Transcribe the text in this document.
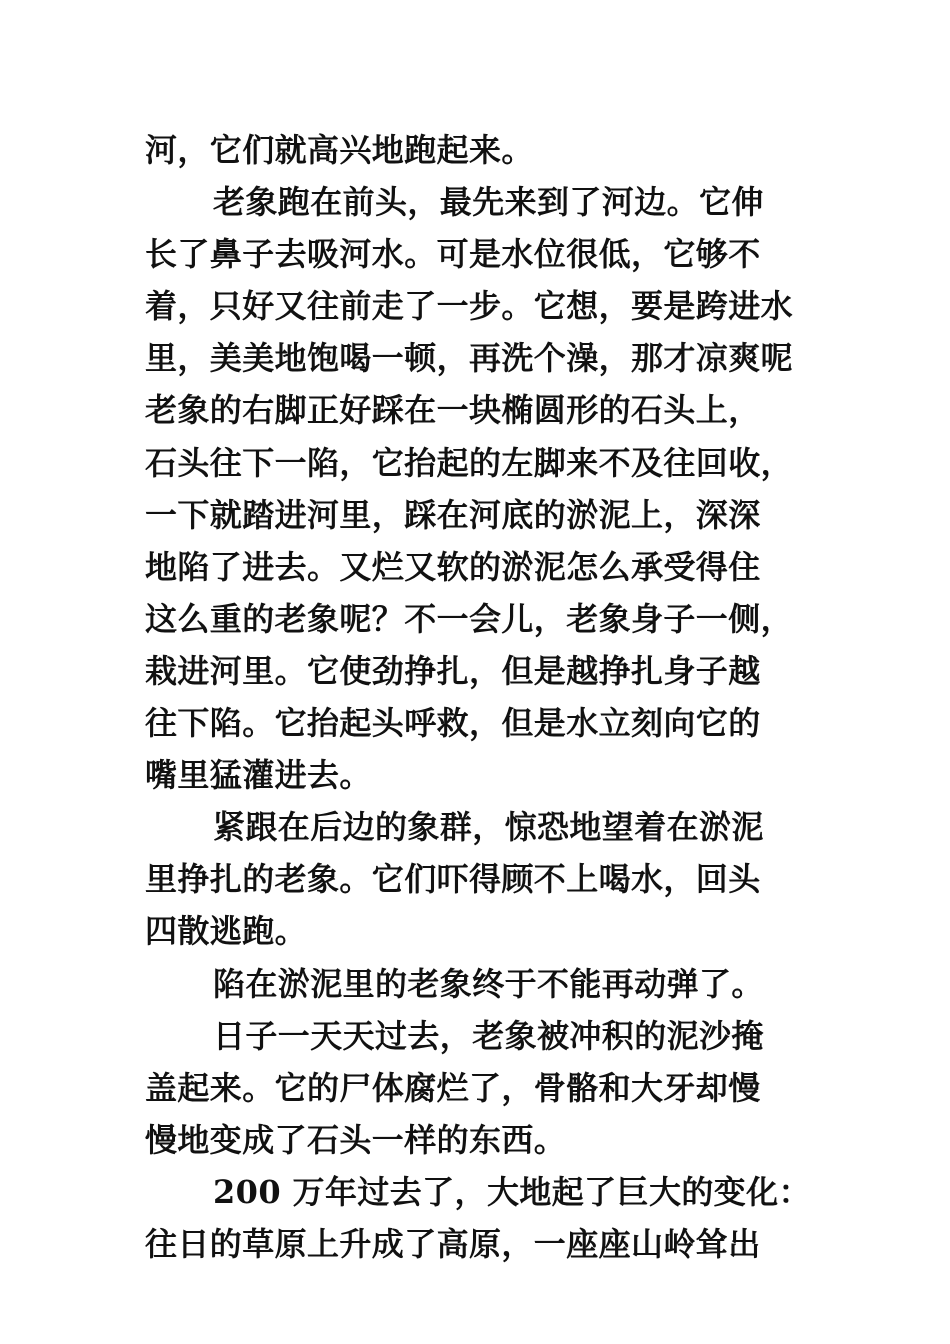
河，它们就高兴地跑起来。
老象跑在前头，最先来到了河边。它伸
长了鼻子去吸河水。可是水位很低，它够不
着，只好又往前走了一步。它想，要是跨进水
里，美美地饱喝一顿，再洗个澡，那才凉爽呢
老象的右脚正好踩在一块椭圆形的石头上，
石头往下一陷，它抬起的左脚来不及往回收，
一下就踏进河里，踩在河底的淤泥上，深深
地陷了进去。又烂又软的淤泥怎么承受得住
这么重的老象呢？不一会儿，老象身子一侧，
栽进河里。它使劲挣扎，但是越挣扎身子越
往下陷。它抬起头呼救，但是水立刻向它的
嘴里猛灌进去。
紧跟在后边的象群，惊恐地望着在淤泥
里挣扎的老象。它们吓得顾不上喝水，回头
四散逃跑。
陷在淤泥里的老象终于不能再动弹了。
日子一天天过去，老象被冲积的泥沙掩
盖起来。它的尸体腐烂了，骨骼和大牙却慢
慢地变成了石头一样的东西。
200 万年过去了，大地起了巨大的变化：
往日的草原上升成了高原，一座座山岭耸出
